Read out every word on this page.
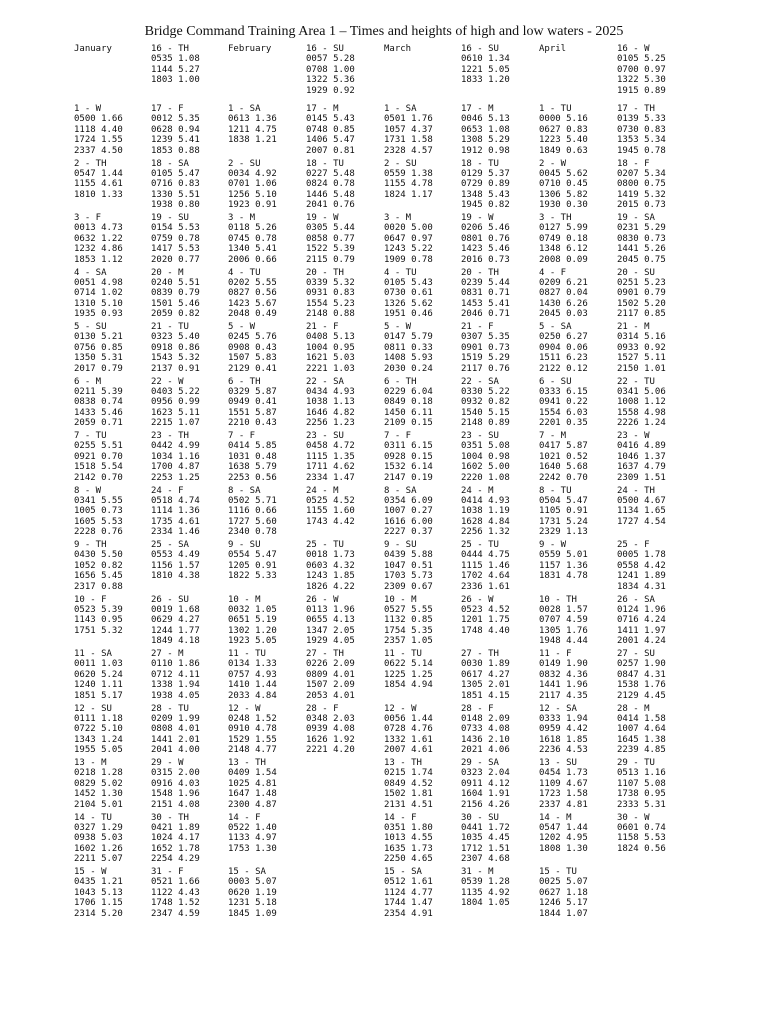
Bridge Command Training Area 1 – Times and heights of high and low waters - 2025
January
1 - W
0500 1.66
1118 4.40
1724 1.55
2337 4.50
2 - TH
0547 1.44
1155 4.61
1810 1.33
3 - F
0013 4.73
0632 1.22
1232 4.86
1853 1.12
4 - SA
0051 4.98
0714 1.02
1310 5.10
1935 0.93
5 - SU
0130 5.21
0756 0.85
1350 5.31
2017 0.79
6 - M
0211 5.39
0838 0.74
1433 5.46
2059 0.71
7 - TU
0255 5.51
0921 0.70
1518 5.54
2142 0.70
8 - W
0341 5.55
1005 0.73
1605 5.53
2228 0.76
9 - TH
0430 5.50
1052 0.82
1656 5.45
2317 0.88
10 - F
0523 5.39
1143 0.95
1751 5.32
11 - SA
0011 1.03
0620 5.24
1240 1.11
1851 5.17
12 - SU
0111 1.18
0722 5.10
1343 1.24
1955 5.05
13 - M
0218 1.28
0829 5.02
1452 1.30
2104 5.01
14 - TU
0327 1.29
0938 5.03
1602 1.26
2211 5.07
15 - W
0435 1.21
1043 5.13
1706 1.15
2314 5.20
16 - TH
0535 1.08
1144 5.27
1803 1.00
17 - F
0012 5.35
0628 0.94
1239 5.41
1853 0.88
18 - SA
0105 5.47
0716 0.83
1330 5.51
1938 0.80
19 - SU
0154 5.53
0759 0.78
1417 5.53
2020 0.77
20 - M
0240 5.51
0839 0.79
1501 5.46
2059 0.82
21 - TU
0323 5.40
0918 0.86
1543 5.32
2137 0.91
22 - W
0403 5.22
0956 0.99
1623 5.11
2215 1.07
23 - TH
0442 4.99
1034 1.16
1700 4.87
2253 1.25
24 - F
0518 4.74
1114 1.36
1735 4.61
2334 1.46
25 - SA
0553 4.49
1156 1.57
1810 4.38
26 - SU
0019 1.68
0629 4.27
1244 1.77
1849 4.18
27 - M
0110 1.86
0712 4.11
1338 1.94
1938 4.05
28 - TU
0209 1.99
0808 4.01
1441 2.01
2041 4.00
29 - W
0315 2.00
0916 4.03
1548 1.96
2151 4.08
30 - TH
0421 1.89
1024 4.17
1652 1.78
2254 4.29
31 - F
0521 1.66
1122 4.43
1748 1.52
2347 4.59
February
1 - SA
0613 1.36
1211 4.75
1838 1.21
2 - SU
0034 4.92
0701 1.06
1256 5.10
1923 0.91
3 - M
0118 5.26
0745 0.78
1340 5.41
2006 0.66
4 - TU
0202 5.55
0827 0.56
1423 5.67
2048 0.49
5 - W
0245 5.76
0908 0.43
1507 5.83
2129 0.41
6 - TH
0329 5.87
0949 0.41
1551 5.87
2210 0.43
7 - F
0414 5.85
1031 0.48
1638 5.79
2253 0.56
8 - SA
0502 5.71
1116 0.66
1727 5.60
2340 0.78
9 - SU
0554 5.47
1205 0.91
1822 5.33
10 - M
0032 1.05
0651 5.19
1302 1.20
1923 5.05
11 - TU
0134 1.33
0757 4.93
1410 1.44
2033 4.84
12 - W
0248 1.52
0910 4.78
1529 1.55
2148 4.77
13 - TH
0409 1.54
1025 4.81
1647 1.48
2300 4.87
14 - F
0522 1.40
1133 4.97
1753 1.30
15 - SA
0003 5.07
0620 1.19
1231 5.18
1845 1.09
16 - SU
0057 5.28
0708 1.00
1322 5.36
1929 0.92
17 - M
0145 5.43
0748 0.85
1406 5.47
2007 0.81
18 - TU
0227 5.48
0824 0.78
1446 5.48
2041 0.76
19 - W
0305 5.44
0858 0.77
1522 5.39
2115 0.79
20 - TH
0339 5.32
0931 0.83
1554 5.23
2148 0.88
21 - F
0408 5.13
1004 0.95
1621 5.03
2221 1.03
22 - SA
0434 4.93
1038 1.13
1646 4.82
2256 1.23
23 - SU
0458 4.72
1115 1.35
1711 4.62
2334 1.47
24 - M
0525 4.52
1155 1.60
1743 4.42
25 - TU
0018 1.73
0603 4.32
1243 1.85
1826 4.22
26 - W
0113 1.96
0655 4.13
1347 2.05
1929 4.05
27 - TH
0226 2.09
0809 4.01
1507 2.09
2053 4.01
28 - F
0348 2.03
0939 4.08
1626 1.92
2221 4.20
March
1 - SA
0501 1.76
1057 4.37
1731 1.58
2328 4.57
2 - SU
0559 1.38
1155 4.78
1824 1.17
3 - M
0020 5.00
0647 0.97
1243 5.22
1909 0.78
4 - TU
0105 5.43
0730 0.61
1326 5.62
1951 0.46
5 - W
0147 5.79
0811 0.33
1408 5.93
2030 0.24
6 - TH
0229 6.04
0849 0.18
1450 6.11
2109 0.15
7 - F
0311 6.15
0928 0.15
1532 6.14
2147 0.19
8 - SA
0354 6.09
1007 0.27
1616 6.00
2227 0.37
9 - SU
0439 5.88
1047 0.51
1703 5.73
2309 0.67
10 - M
0527 5.55
1132 0.85
1754 5.35
2357 1.05
11 - TU
0622 5.14
1225 1.25
1854 4.94
12 - W
0056 1.44
0728 4.76
1332 1.61
2007 4.61
13 - TH
0215 1.74
0849 4.52
1502 1.81
2131 4.51
14 - F
0351 1.80
1013 4.55
1635 1.73
2250 4.65
15 - SA
0512 1.61
1124 4.77
1744 1.47
2354 4.91
16 - SU
0610 1.34
1221 5.05
1833 1.20
17 - M
0046 5.13
0653 1.08
1308 5.29
1912 0.98
18 - TU
0129 5.37
0729 0.89
1348 5.43
1945 0.82
19 - W
0206 5.46
0801 0.76
1423 5.46
2016 0.73
20 - TH
0239 5.44
0831 0.71
1453 5.41
2046 0.71
21 - F
0307 5.35
0901 0.73
1519 5.29
2117 0.76
22 - SA
0330 5.22
0932 0.82
1540 5.15
2148 0.89
23 - SU
0351 5.08
1004 0.98
1602 5.00
2220 1.08
24 - M
0414 4.93
1038 1.19
1628 4.84
2256 1.32
25 - TU
0444 4.75
1115 1.46
1702 4.64
2336 1.61
26 - W
0523 4.52
1201 1.75
1748 4.40
27 - TH
0030 1.89
0617 4.27
1305 2.01
1851 4.15
28 - F
0148 2.09
0733 4.08
1436 2.10
2021 4.06
29 - SA
0323 2.04
0911 4.12
1604 1.91
2156 4.26
30 - SU
0441 1.72
1035 4.45
1712 1.51
2307 4.68
31 - M
0539 1.28
1135 4.92
1804 1.05
April
1 - TU
0000 5.16
0627 0.83
1223 5.40
1849 0.63
2 - W
0045 5.62
0710 0.45
1306 5.82
1930 0.30
3 - TH
0127 5.99
0749 0.18
1348 6.12
2008 0.09
4 - F
0209 6.21
0827 0.04
1430 6.26
2045 0.03
5 - SA
0250 6.27
0904 0.06
1511 6.23
2122 0.12
6 - SU
0333 6.15
0941 0.22
1554 6.03
2201 0.35
7 - M
0417 5.87
1021 0.52
1640 5.68
2242 0.70
8 - TU
0504 5.47
1105 0.91
1731 5.24
2329 1.13
9 - W
0559 5.01
1157 1.36
1831 4.78
10 - TH
0028 1.57
0707 4.59
1305 1.76
1948 4.44
11 - F
0149 1.90
0832 4.36
1441 1.96
2117 4.35
12 - SA
0333 1.94
0959 4.42
1618 1.85
2236 4.53
13 - SU
0454 1.73
1109 4.67
1723 1.58
2337 4.81
14 - M
0547 1.44
1202 4.95
1808 1.30
15 - TU
0025 5.07
0627 1.18
1246 5.17
1844 1.07
16 - W
0105 5.25
0700 0.97
1322 5.30
1915 0.89
17 - TH
0139 5.33
0730 0.83
1353 5.34
1945 0.78
18 - F
0207 5.34
0800 0.75
1419 5.32
2015 0.73
19 - SA
0231 5.29
0830 0.73
1441 5.26
2045 0.75
20 - SU
0251 5.23
0901 0.79
1502 5.20
2117 0.85
21 - M
0314 5.16
0933 0.92
1527 5.11
2150 1.01
22 - TU
0341 5.06
1008 1.12
1558 4.98
2226 1.24
23 - W
0416 4.89
1046 1.37
1637 4.79
2309 1.51
24 - TH
0500 4.67
1134 1.65
1727 4.54
25 - F
0005 1.78
0558 4.42
1241 1.89
1834 4.31
26 - SA
0124 1.96
0716 4.24
1411 1.97
2001 4.24
27 - SU
0257 1.90
0847 4.31
1538 1.76
2129 4.45
28 - M
0414 1.58
1007 4.64
1645 1.38
2239 4.85
29 - TU
0513 1.16
1107 5.08
1738 0.95
2333 5.31
30 - W
0601 0.74
1158 5.53
1824 0.56
